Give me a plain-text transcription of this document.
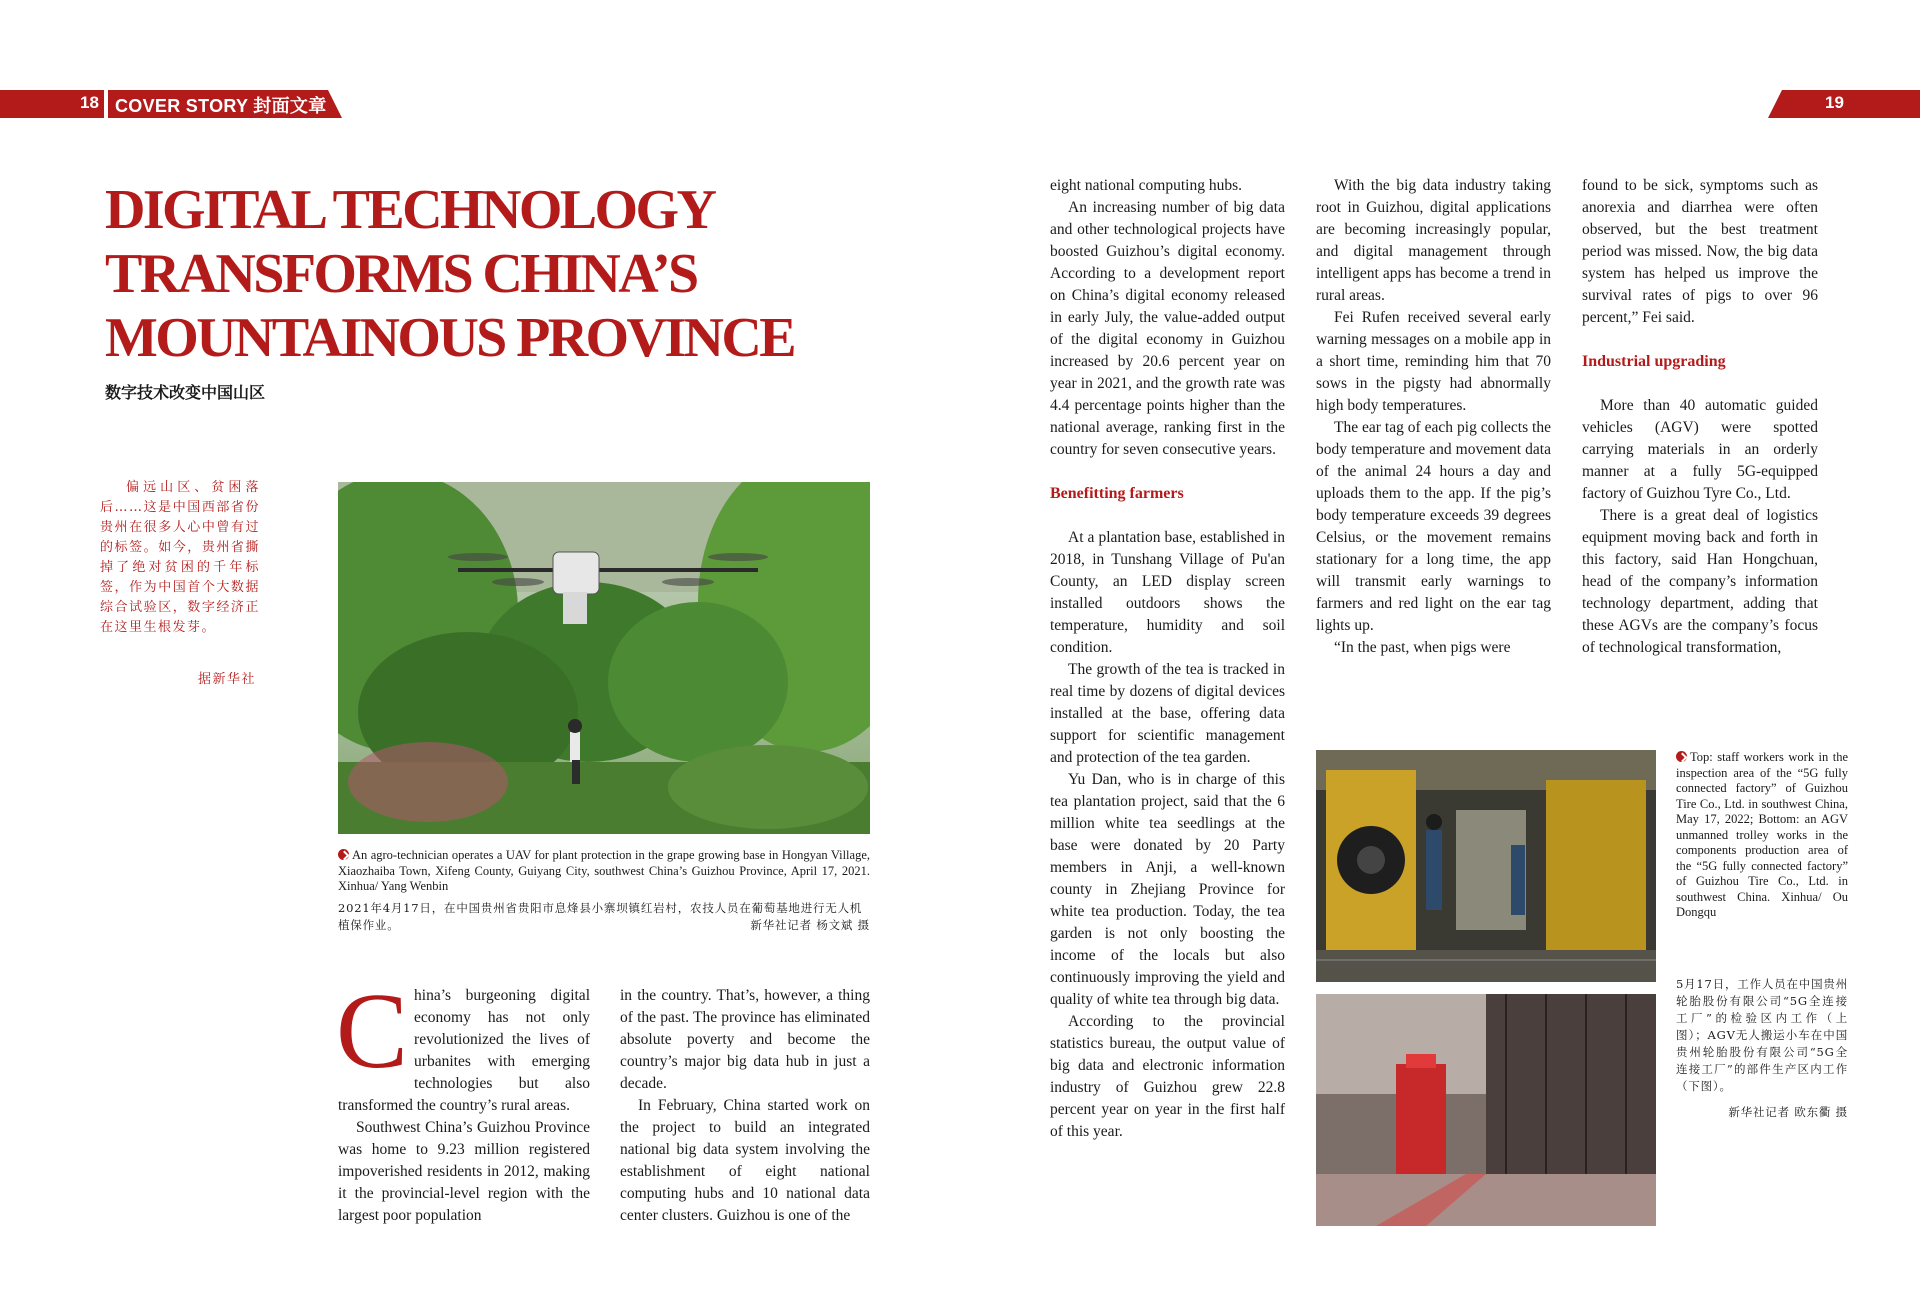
18 COVER STORY 封面文章	19
DIGITAL TECHNOLOGY
TRANSFORMS CHINA’S
MOUNTAINOUS PROVINCE
数字技术改变中国山区
偏远山区、贫困落后……这是中国西部省份贵州在很多人心中曾有过的标签。如今，贵州省撕掉了绝对贫困的千年标签，作为中国首个大数据综合试验区，数字经济正在这里生根发芽。
据新华社
An agro-technician operates a UAV for plant protection in the grape growing base in Hongyan Village, Xiaozhaiba Town, Xifeng County, Guiyang City, southwest China’s Guizhou Province, April 17, 2021. Xinhua/ Yang Wenbin
2021年4月17日，在中国贵州省贵阳市息烽县小寨坝镇红岩村，农技人员在葡萄基地进行无人机植保作业。	新华社记者 杨文斌 摄

China’s burgeoning digital economy has not only revolutionized the lives of urbanites with emerging technologies but also transformed the country’s rural areas.

Southwest China’s Guizhou Province was home to 9.23 million registered impoverished residents in 2012, making it the provincial-level region with the largest poor population

in the country. That’s, however, a thing of the past. The province has eliminated absolute poverty and become the country’s major big data hub in just a decade.

In February, China started work on the project to build an integrated national big data system involving the establishment of eight national computing hubs and 10 national data center clusters. Guizhou is one of the

eight national computing hubs.

An increasing number of big data and other technological projects have boosted Guizhou’s digital economy. According to a development report on China’s digital economy released in early July, the value-added output of the digital economy in Guizhou increased by 20.6 percent year on year in 2021, and the growth rate was 4.4 percentage points higher than the national average, ranking first in the country for seven consecutive years.

Benefitting farmers

At a plantation base, established in 2018, in Tunshang Village of Pu'an County, an LED display screen installed outdoors shows the temperature, humidity and soil condition.

The growth of the tea is tracked in real time by dozens of digital devices installed at the base, offering data support for scientific management and protection of the tea garden.

Yu Dan, who is in charge of this tea plantation project, said that the 6 million white tea seedlings at the base were donated by 20 Party members in Anji, a well-known county in Zhejiang Province for white tea production. Today, the tea garden is not only boosting the income of the locals but also continuously improving the yield and quality of white tea through big data.

According to the provincial statistics bureau, the output value of big data and electronic information industry of Guizhou grew 22.8 percent year on year in the first half of this year.

With the big data industry taking root in Guizhou, digital applications are becoming increasingly popular, and digital management through intelligent apps has become a trend in rural areas.

Fei Rufen received several early warning messages on a mobile app in a short time, reminding him that 70 sows in the pigsty had abnormally high body temperatures.

The ear tag of each pig collects the body temperature and movement data of the animal 24 hours a day and uploads them to the app. If the pig’s body temperature exceeds 39 degrees Celsius, or the movement remains stationary for a long time, the app will transmit early warnings to farmers and red light on the ear tag lights up.

“In the past, when pigs were

found to be sick, symptoms such as anorexia and diarrhea were often observed, but the best treatment period was missed. Now, the big data system has helped us improve the survival rates of pigs to over 96 percent,” Fei said.

Industrial upgrading

More than 40 automatic guided vehicles (AGV) were spotted carrying materials in an orderly manner at a fully 5G-equipped factory of Guizhou Tyre Co., Ltd.

There is a great deal of logistics equipment moving back and forth in this factory, said Han Hongchuan, head of the company’s information technology department, adding that these AGVs are the company’s focus of technological transformation,

Top: staff workers work in the inspection area of the “5G fully connected factory” of Guizhou Tire Co., Ltd. in southwest China, May 17, 2022; Bottom: an AGV unmanned trolley works in the components production area of the “5G fully connected factory” of Guizhou Tire Co., Ltd. in southwest China. Xinhua/ Ou Dongqu
5月17日，工作人员在中国贵州轮胎股份有限公司“5G全连接工厂”的检验区内工作（上图）；AGV无人搬运小车在中国贵州轮胎股份有限公司“5G全连接工厂”的部件生产区内工作（下图）。
新华社记者 欧东衢 摄
